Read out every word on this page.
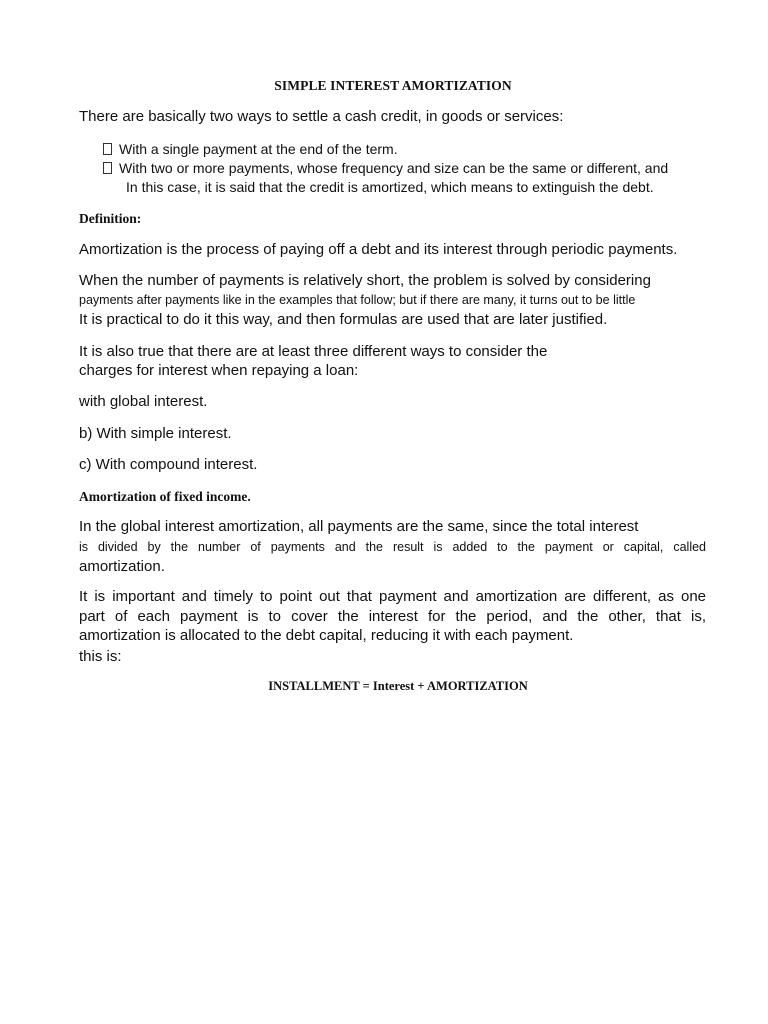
SIMPLE INTEREST AMORTIZATION
There are basically two ways to settle a cash credit, in goods or services:
With a single payment at the end of the term.
With two or more payments, whose frequency and size can be the same or different, and
In this case, it is said that the credit is amortized, which means to extinguish the debt.
Definition:
Amortization is the process of paying off a debt and its interest through periodic payments.
When the number of payments is relatively short, the problem is solved by considering
payments after payments like in the examples that follow; but if there are many, it turns out to be little
It is practical to do it this way, and then formulas are used that are later justified.
It is also true that there are at least three different ways to consider the
charges for interest when repaying a loan:
with global interest.
b) With simple interest.
c) With compound interest.
Amortization of fixed income.
In the global interest amortization, all payments are the same, since the total interest
is divided by the number of payments and the result is added to the payment or capital, called
amortization.
It is important and timely to point out that payment and amortization are different, as one
part of each payment is to cover the interest for the period, and the other, that is,
amortization is allocated to the debt capital, reducing it with each payment.
this is:
INSTALLMENT = Interest + AMORTIZATION
